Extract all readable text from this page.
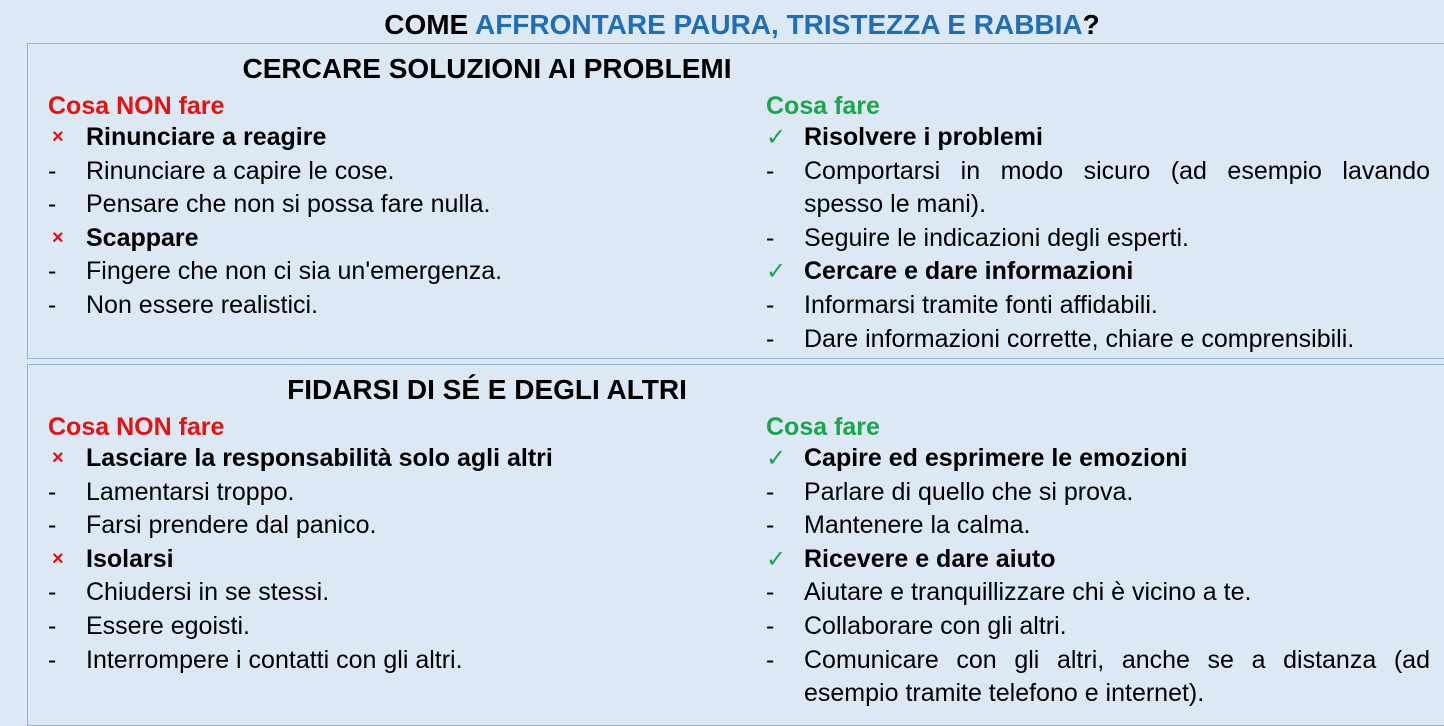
COME AFFRONTARE PAURA, TRISTEZZA E RABBIA?
CERCARE SOLUZIONI AI PROBLEMI
Cosa NON fare
× Rinunciare a reagire
-	Rinunciare a capire le cose.
-	Pensare che non si possa fare nulla.
× Scappare
-	Fingere che non ci sia un'emergenza.
-	Non essere realistici.
Cosa fare
✓ Risolvere i problemi
-	Comportarsi in modo sicuro (ad esempio lavando spesso le mani).
-	Seguire le indicazioni degli esperti.
✓ Cercare e dare informazioni
-	Informarsi tramite fonti affidabili.
-	Dare informazioni corrette, chiare e comprensibili.
FIDARSI DI SÉ E DEGLI ALTRI
Cosa NON fare
× Lasciare la responsabilità solo agli altri
-	Lamentarsi troppo.
-	Farsi prendere dal panico.
× Isolarsi
-	Chiudersi in se stessi.
-	Essere egoisti.
-	Interrompere i contatti con gli altri.
Cosa fare
✓ Capire ed esprimere le emozioni
-	Parlare di quello che si prova.
-	Mantenere la calma.
✓ Ricevere e dare aiuto
-	Aiutare e tranquillizzare chi è vicino a te.
-	Collaborare con gli altri.
-	Comunicare con gli altri, anche se a distanza (ad esempio tramite telefono e internet).
